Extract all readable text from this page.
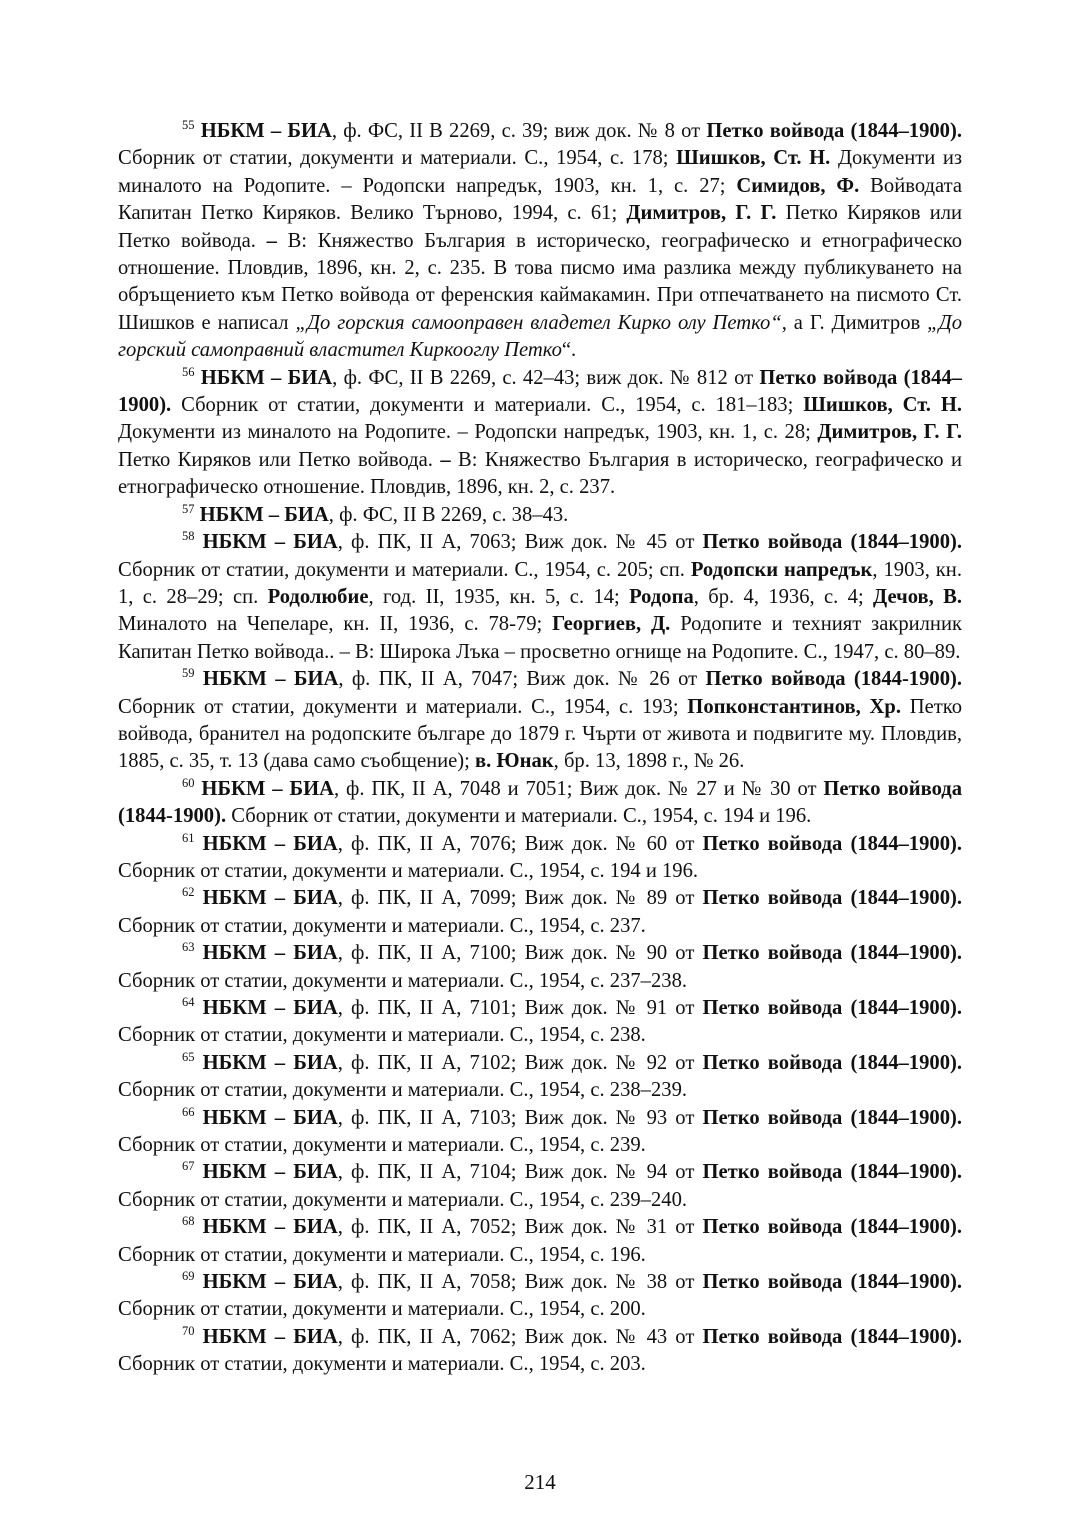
$^{55}$ НБКМ – БИА, ф. ФС, II В 2269, с. 39; виж док. № 8 от Петко войвода (1844–1900). Сборник от статии, документи и материали. С., 1954, с. 178; Шишков, Ст. Н. Документи из миналото на Родопите. – Родопски напредък, 1903, кн. 1, с. 27; Симидов, Ф. Войводата Капитан Петко Киряков. Велико Търново, 1994, с. 61; Димитров, Г. Г. Петко Киряков или Петко войвода. – В: Княжество България в историческо, географическо и етнографическо отношение. Пловдив, 1896, кн. 2, с. 235. В това писмо има разлика между публикуването на обръщението към Петко войвода от ференския каймакамин. При отпечатването на писмото Ст. Шишков е написал „До горския самооправен владетел Кирко олу Петко“, а Г. Димитров „До горский самоправний властител Киркооглу Петко“.

$^{56}$ НБКМ – БИА, ф. ФС, II В 2269, с. 42–43; виж док. № 812 от Петко войвода (1844–1900). Сборник от статии, документи и материали. С., 1954, с. 181–183; Шишков, Ст. Н. Документи из миналото на Родопите. – Родопски напредък, 1903, кн. 1, с. 28; Димитров, Г. Г. Петко Киряков или Петко войвода. – В: Княжество България в историческо, географическо и етнографическо отношение. Пловдив, 1896, кн. 2, с. 237.

$^{57}$ НБКМ – БИА, ф. ФС, II В 2269, с. 38–43.

$^{58}$ НБКМ – БИА, ф. ПК, II А, 7063; Виж док. № 45 от Петко войвода (1844–1900). Сборник от статии, документи и материали. С., 1954, с. 205; сп. Родопски напредък, 1903, кн. 1, с. 28–29; сп. Родолюбие, год. II, 1935, кн. 5, с. 14; Родопа, бр. 4, 1936, с. 4; Дечов, В. Миналото на Чепеларе, кн. II, 1936, с. 78-79; Георгиев, Д. Родопите и техният закрилник Капитан Петко войвода.. – В: Широка Лъка – просветно огнище на Родопите. С., 1947, с. 80–89.

$^{59}$ НБКМ – БИА, ф. ПК, II А, 7047; Виж док. № 26 от Петко войвода (1844-1900). Сборник от статии, документи и материали. С., 1954, с. 193; Попконстантинов, Хр. Петко войвода, бранител на родопските българе до 1879 г. Чърти от живота и подвигите му. Пловдив, 1885, с. 35, т. 13 (дава само съобщение); в. Юнак, бр. 13, 1898 г., № 26.

$^{60}$ НБКМ – БИА, ф. ПК, II А, 7048 и 7051; Виж док. № 27 и № 30 от Петко войвода (1844-1900). Сборник от статии, документи и материали. С., 1954, с. 194 и 196.

$^{61}$ НБКМ – БИА, ф. ПК, II А, 7076; Виж док. № 60 от Петко войвода (1844–1900). Сборник от статии, документи и материали. С., 1954, с. 194 и 196.

$^{62}$ НБКМ – БИА, ф. ПК, II А, 7099; Виж док. № 89 от Петко войвода (1844–1900). Сборник от статии, документи и материали. С., 1954, с. 237.

$^{63}$ НБКМ – БИА, ф. ПК, II А, 7100; Виж док. № 90 от Петко войвода (1844–1900). Сборник от статии, документи и материали. С., 1954, с. 237–238.

$^{64}$ НБКМ – БИА, ф. ПК, II А, 7101; Виж док. № 91 от Петко войвода (1844–1900). Сборник от статии, документи и материали. С., 1954, с. 238.

$^{65}$ НБКМ – БИА, ф. ПК, II А, 7102; Виж док. № 92 от Петко войвода (1844–1900). Сборник от статии, документи и материали. С., 1954, с. 238–239.

$^{66}$ НБКМ – БИА, ф. ПК, II А, 7103; Виж док. № 93 от Петко войвода (1844–1900). Сборник от статии, документи и материали. С., 1954, с. 239.

$^{67}$ НБКМ – БИА, ф. ПК, II А, 7104; Виж док. № 94 от Петко войвода (1844–1900). Сборник от статии, документи и материали. С., 1954, с. 239–240.

$^{68}$ НБКМ – БИА, ф. ПК, II А, 7052; Виж док. № 31 от Петко войвода (1844–1900). Сборник от статии, документи и материали. С., 1954, с. 196.

$^{69}$ НБКМ – БИА, ф. ПК, II А, 7058; Виж док. № 38 от Петко войвода (1844–1900). Сборник от статии, документи и материали. С., 1954, с. 200.

$^{70}$ НБКМ – БИА, ф. ПК, II А, 7062; Виж док. № 43 от Петко войвода (1844–1900). Сборник от статии, документи и материали. С., 1954, с. 203.

214
